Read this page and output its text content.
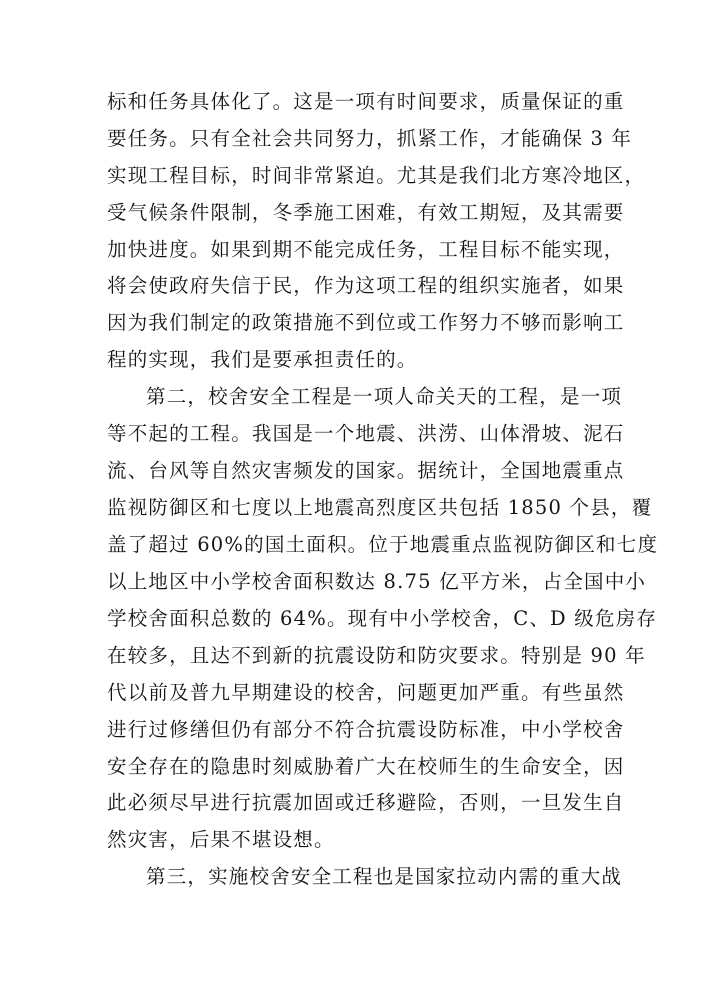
标和任务具体化了。这是一项有时间要求，质量保证的重
要任务。只有全社会共同努力，抓紧工作，才能确保 3 年
实现工程目标，时间非常紧迫。尤其是我们北方寒冷地区，
受气候条件限制，冬季施工困难，有效工期短，及其需要
加快进度。如果到期不能完成任务，工程目标不能实现，
将会使政府失信于民，作为这项工程的组织实施者，如果
因为我们制定的政策措施不到位或工作努力不够而影响工
程的实现，我们是要承担责任的。
第二，校舍安全工程是一项人命关天的工程，是一项
等不起的工程。我国是一个地震、洪涝、山体滑坡、泥石
流、台风等自然灾害频发的国家。据统计，全国地震重点
监视防御区和七度以上地震高烈度区共包括 1850 个县，覆
盖了超过 60%的国土面积。位于地震重点监视防御区和七度
以上地区中小学校舍面积数达 8.75 亿平方米，占全国中小
学校舍面积总数的 64%。现有中小学校舍，C、D 级危房存
在较多，且达不到新的抗震设防和防灾要求。特别是 90 年
代以前及普九早期建设的校舍，问题更加严重。有些虽然
进行过修缮但仍有部分不符合抗震设防标准，中小学校舍
安全存在的隐患时刻威胁着广大在校师生的生命安全，因
此必须尽早进行抗震加固或迁移避险，否则，一旦发生自
然灾害，后果不堪设想。
第三，实施校舍安全工程也是国家拉动内需的重大战
